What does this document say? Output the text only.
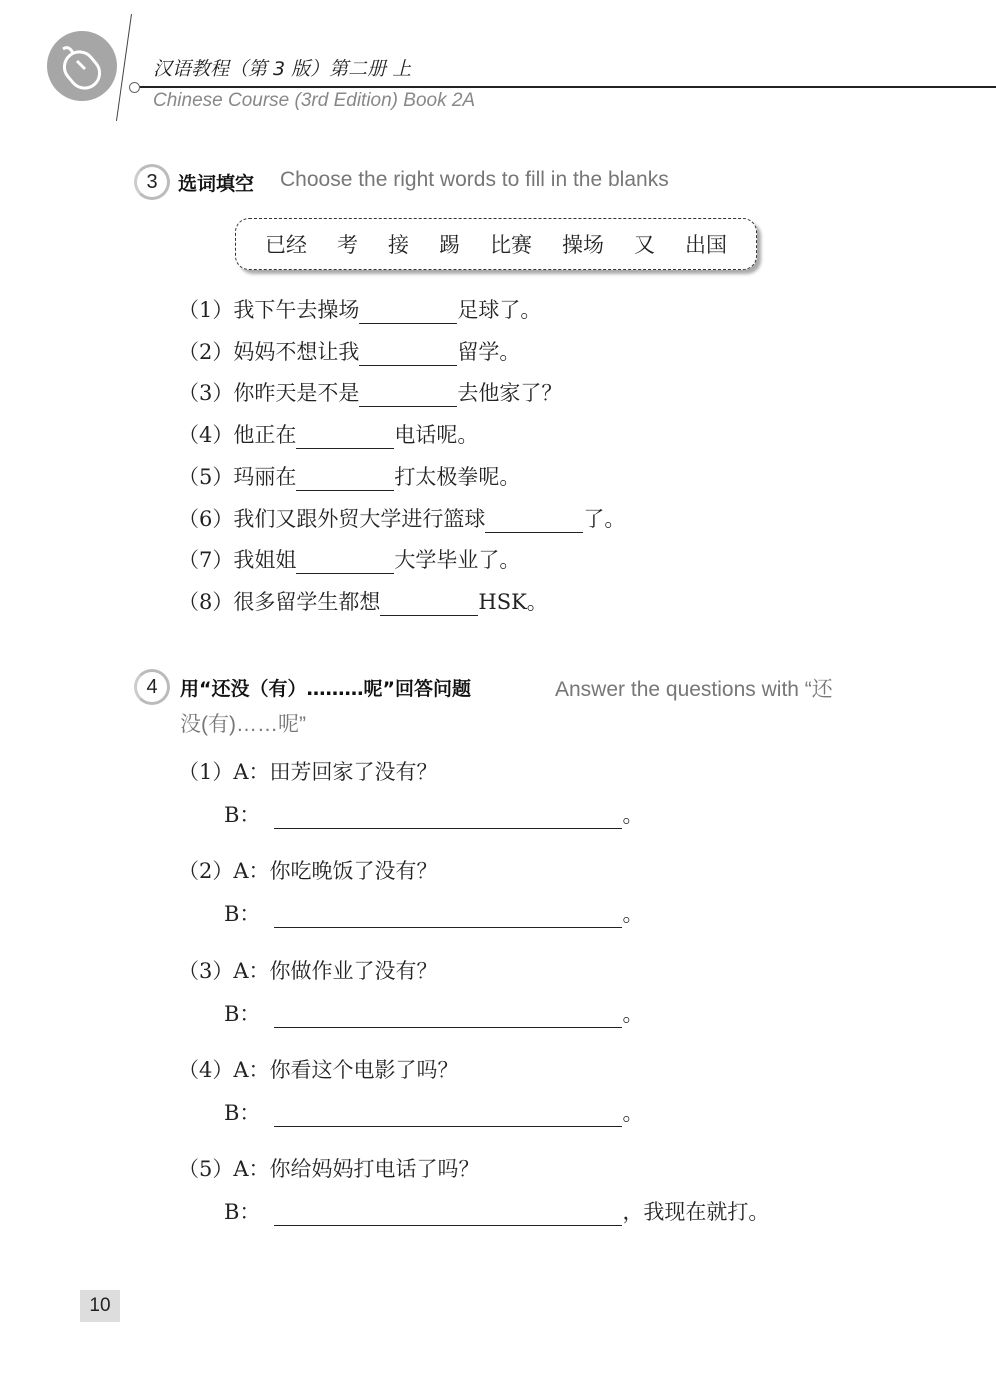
汉语教程（第 3 版）第二册 上
Chinese Course (3rd Edition) Book 2A
3	选词填空 Choose the right words to fill in the blanks
已经 考 接 踢 比赛 操场 又 出国
（1） 我下午去操场	足球了。
（2） 妈妈不想让我	留学。
（3） 你昨天是不是	去他家了？
（4） 他正在	电话呢。
（5） 玛丽在	打太极拳呢。
（6） 我们又跟外贸大学进行篮球	了。
（7） 我姐姐	大学毕业了。
（8） 很多留学生都想	HSK。
4	用“还没（有）………呢”回答问题	Answer the questions with “还
没(有)……呢”
（1） A：田芳回家了没有？
B：	。
（2） A：你吃晚饭了没有？
B：	。
（3） A：你做作业了没有？
B：	。
（4） A：你看这个电影了吗？
B：	。
（5） A：你给妈妈打电话了吗？
B：	，我现在就打。
10
